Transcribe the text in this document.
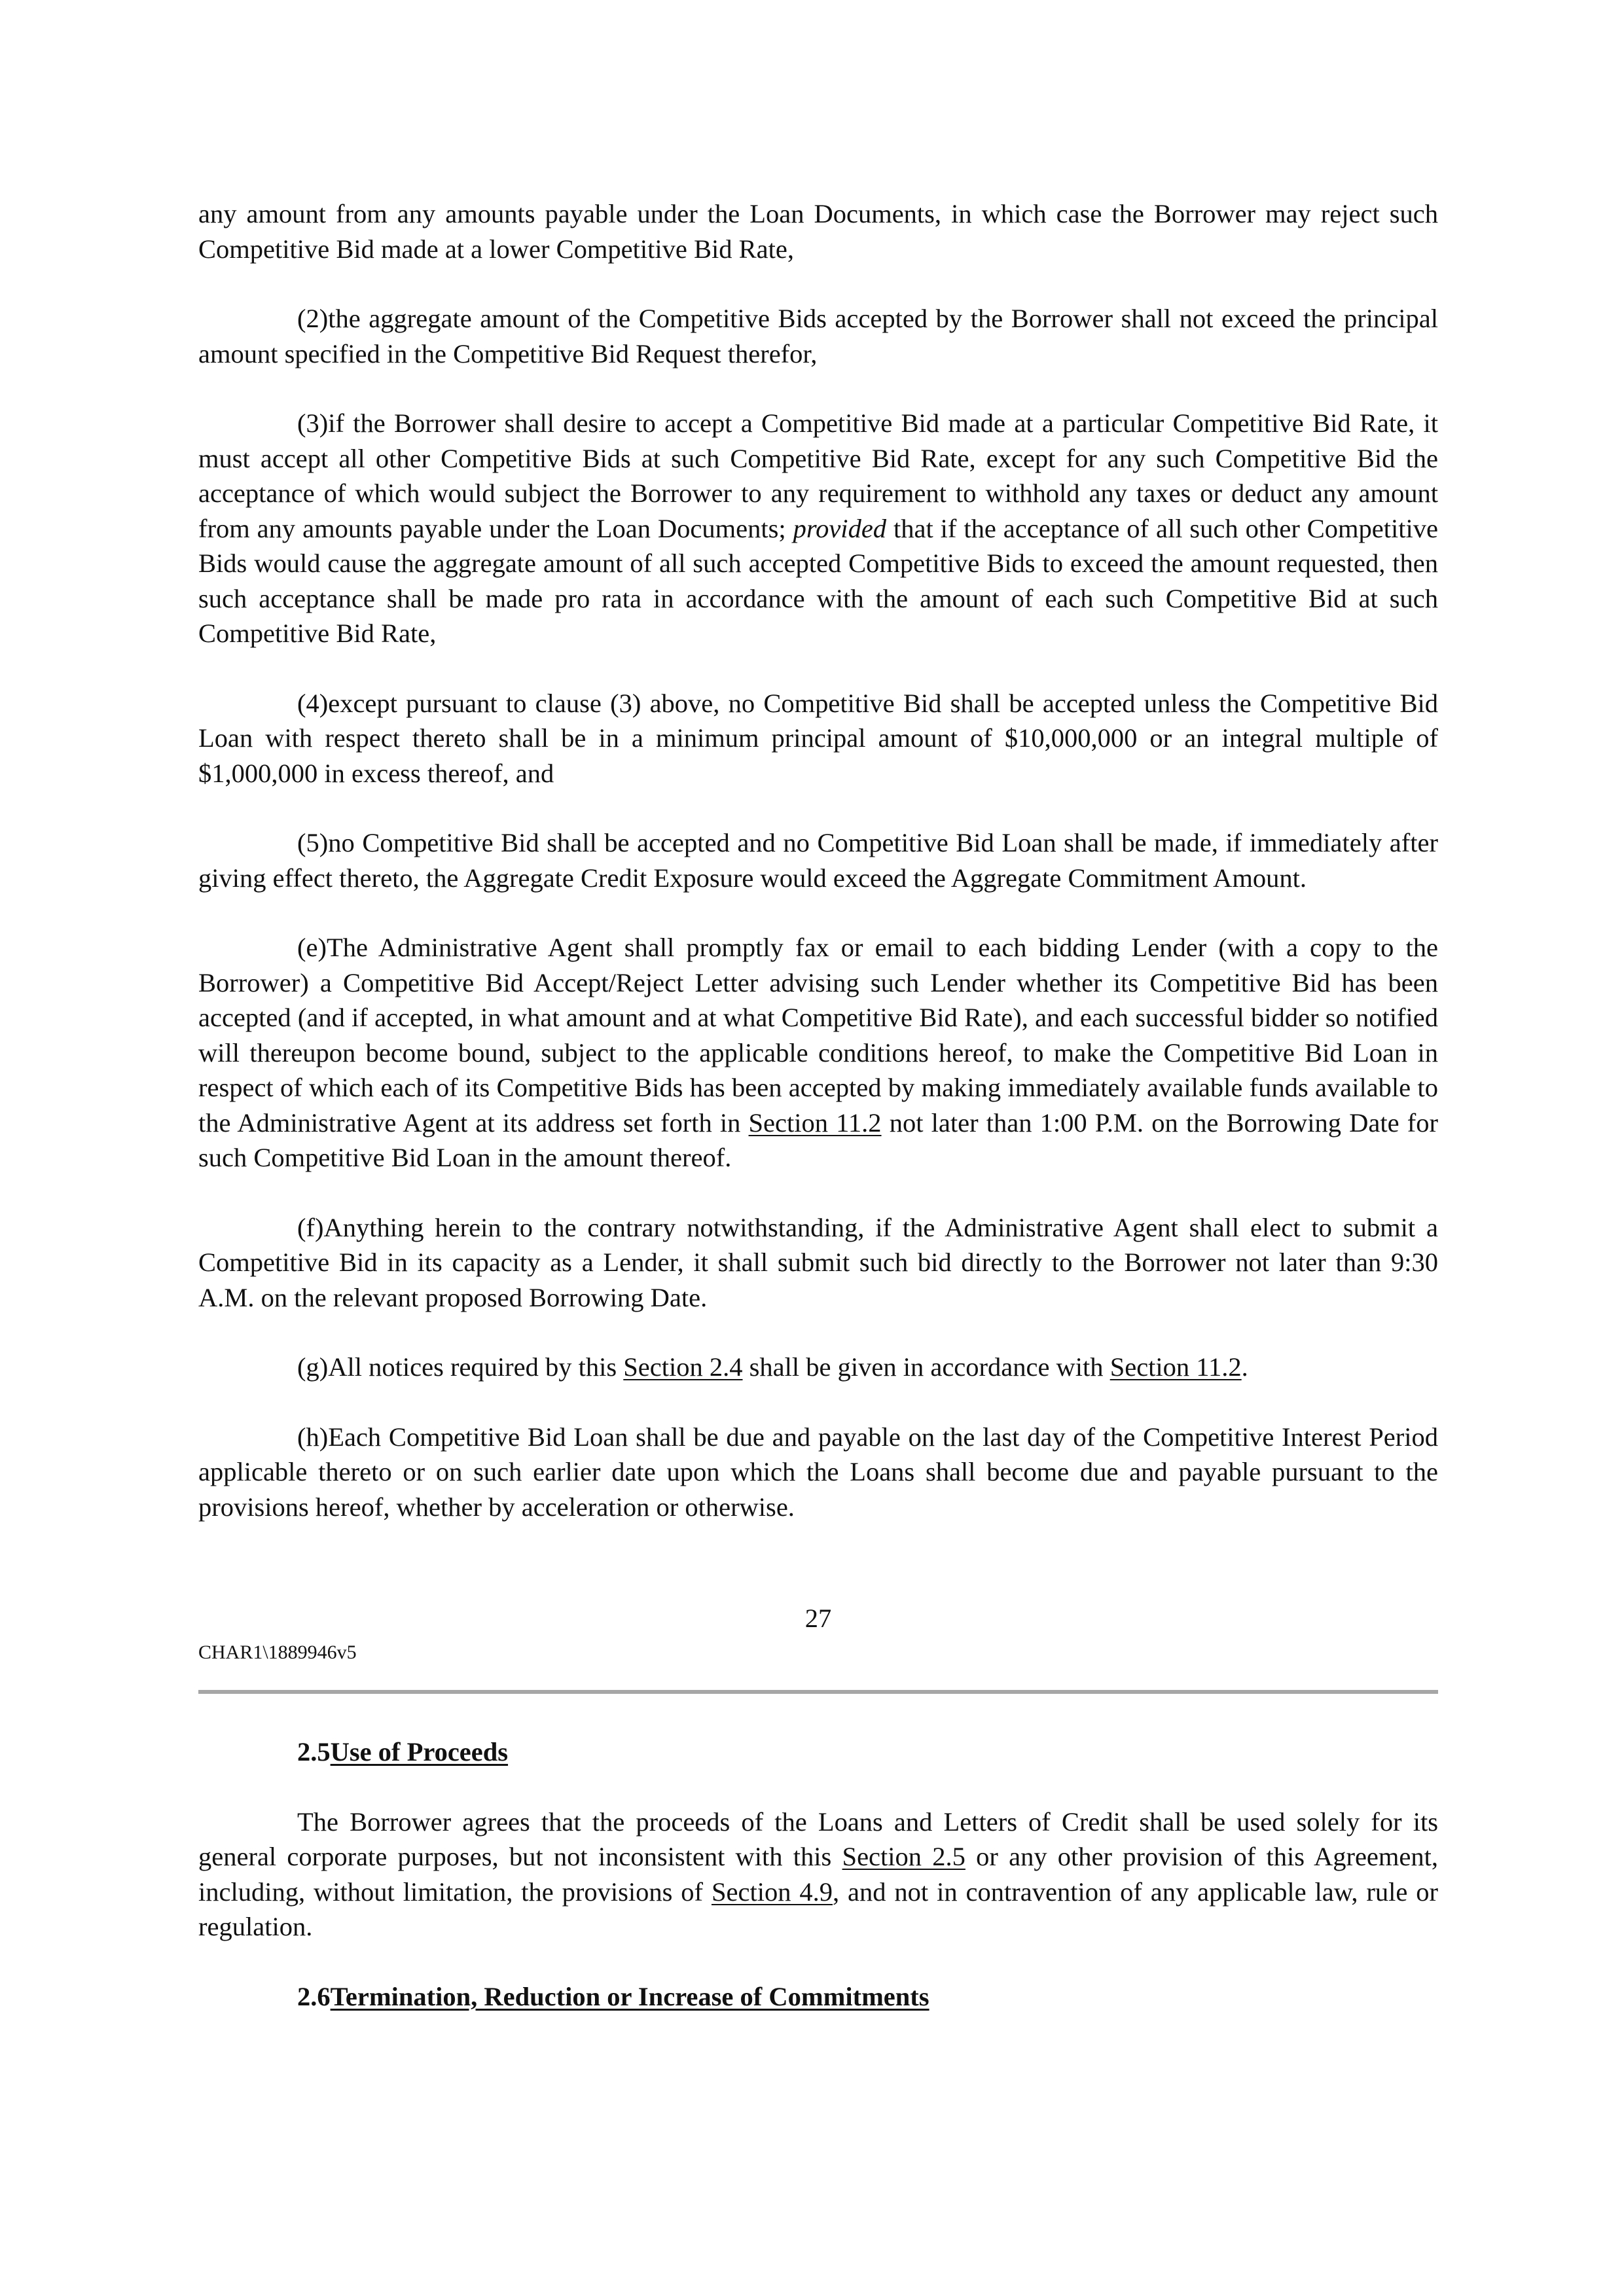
any amount from any amounts payable under the Loan Documents, in which case the Borrower may reject such Competitive Bid made at a lower Competitive Bid Rate,

(2)the aggregate amount of the Competitive Bids accepted by the Borrower shall not exceed the principal amount specified in the Competitive Bid Request therefor,

(3)if the Borrower shall desire to accept a Competitive Bid made at a particular Competitive Bid Rate, it must accept all other Competitive Bids at such Competitive Bid Rate, except for any such Competitive Bid the acceptance of which would subject the Borrower to any requirement to withhold any taxes or deduct any amount from any amounts payable under the Loan Documents; provided that if the acceptance of all such other Competitive Bids would cause the aggregate amount of all such accepted Competitive Bids to exceed the amount requested, then such acceptance shall be made pro rata in accordance with the amount of each such Competitive Bid at such Competitive Bid Rate,

(4)except pursuant to clause (3) above, no Competitive Bid shall be accepted unless the Competitive Bid Loan with respect thereto shall be in a minimum principal amount of $10,000,000 or an integral multiple of $1,000,000 in excess thereof, and

(5)no Competitive Bid shall be accepted and no Competitive Bid Loan shall be made, if immediately after giving effect thereto, the Aggregate Credit Exposure would exceed the Aggregate Commitment Amount.

(e)The Administrative Agent shall promptly fax or email to each bidding Lender (with a copy to the Borrower) a Competitive Bid Accept/Reject Letter advising such Lender whether its Competitive Bid has been accepted (and if accepted, in what amount and at what Competitive Bid Rate), and each successful bidder so notified will thereupon become bound, subject to the applicable conditions hereof, to make the Competitive Bid Loan in respect of which each of its Competitive Bids has been accepted by making immediately available funds available to the Administrative Agent at its address set forth in Section 11.2 not later than 1:00 P.M. on the Borrowing Date for such Competitive Bid Loan in the amount thereof.

(f)Anything herein to the contrary notwithstanding, if the Administrative Agent shall elect to submit a Competitive Bid in its capacity as a Lender, it shall submit such bid directly to the Borrower not later than 9:30 A.M. on the relevant proposed Borrowing Date.

(g)All notices required by this Section 2.4 shall be given in accordance with Section 11.2.

(h)Each Competitive Bid Loan shall be due and payable on the last day of the Competitive Interest Period applicable thereto or on such earlier date upon which the Loans shall become due and payable pursuant to the provisions hereof, whether by acceleration or otherwise.

27
CHAR1\1889946v5
2.5Use of Proceeds

The Borrower agrees that the proceeds of the Loans and Letters of Credit shall be used solely for its general corporate purposes, but not inconsistent with this Section 2.5 or any other provision of this Agreement, including, without limitation, the provisions of Section 4.9, and not in contravention of any applicable law, rule or regulation.

2.6Termination, Reduction or Increase of Commitments
